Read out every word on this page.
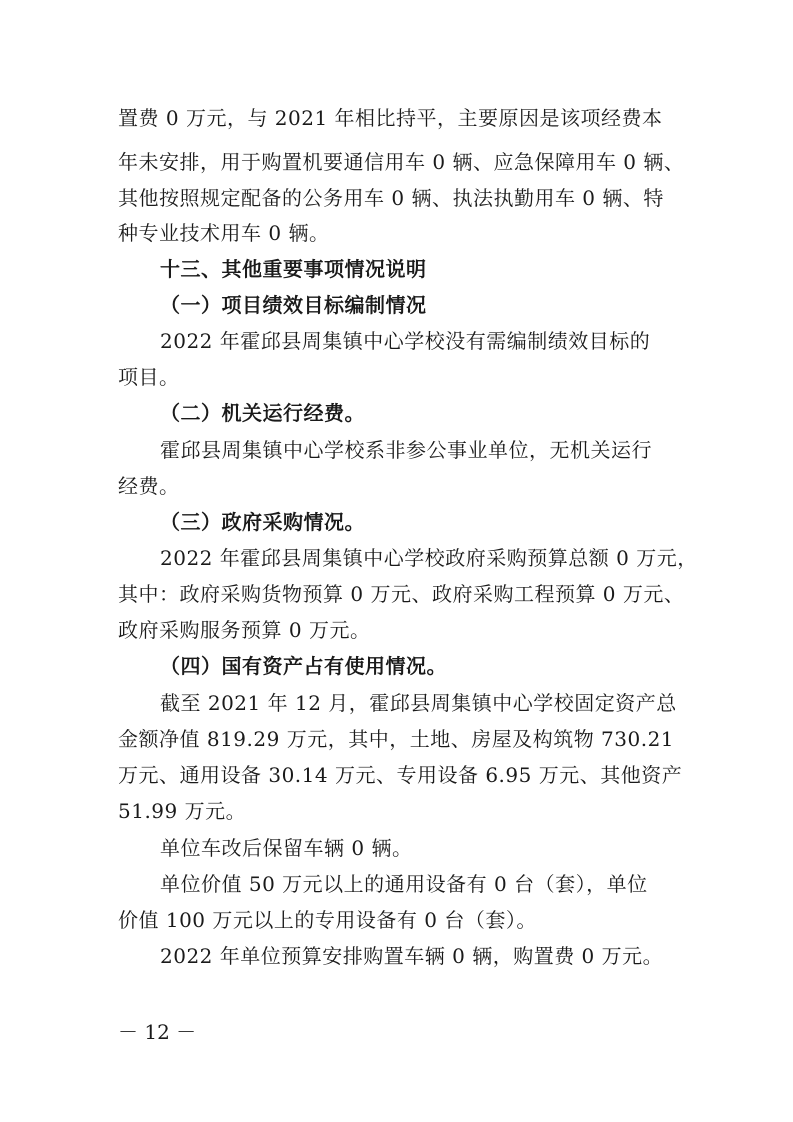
置费 0 万元，与 2021 年相比持平，主要原因是该项经费本
年未安排，用于购置机要通信用车 0 辆、应急保障用车 0 辆、
其他按照规定配备的公务用车 0 辆、执法执勤用车 0 辆、特
种专业技术用车 0 辆。
十三、其他重要事项情况说明
（一）项目绩效目标编制情况
2022 年霍邱县周集镇中心学校没有需编制绩效目标的
项目。
（二）机关运行经费。
霍邱县周集镇中心学校系非参公事业单位，无机关运行
经费。
（三）政府采购情况。
2022 年霍邱县周集镇中心学校政府采购预算总额 0 万元，
其中：政府采购货物预算 0 万元、政府采购工程预算 0 万元、
政府采购服务预算 0 万元。
（四）国有资产占有使用情况。
截至 2021 年 12 月，霍邱县周集镇中心学校固定资产总
金额净值 819.29 万元，其中，土地、房屋及构筑物 730.21
万元、通用设备 30.14 万元、专用设备 6.95 万元、其他资产
51.99 万元。
单位车改后保留车辆 0 辆。
单位价值 50 万元以上的通用设备有 0 台（套），单位
价值 100 万元以上的专用设备有 0 台（套）。
2022 年单位预算安排购置车辆 0 辆，购置费 0 万元。
－ 12 －
